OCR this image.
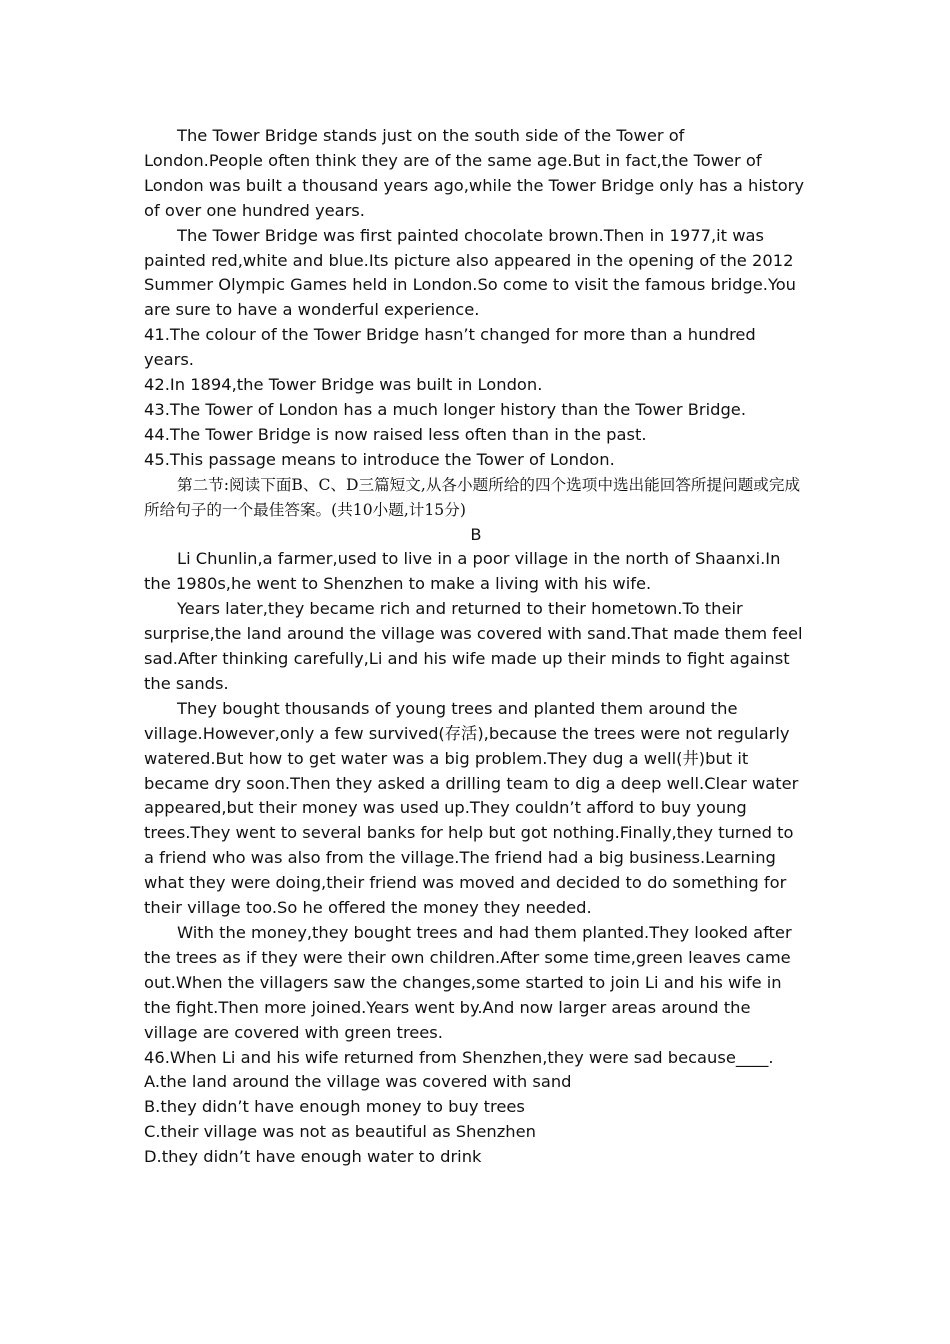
The Tower Bridge stands just on the south side of the Tower of London.People often think they are of the same age.But in fact,the Tower of London was built a thousand years ago,while the Tower Bridge only has a history of over one hundred years.

The Tower Bridge was first painted chocolate brown.Then in 1977,it was painted red,white and blue.Its picture also appeared in the opening of the 2012 Summer Olympic Games held in London.So come to visit the famous bridge.You are sure to have a wonderful experience.

41.The colour of the Tower Bridge hasn’t changed for more than a hundred years.

42.In 1894,the Tower Bridge was built in London.

43.The Tower of London has a much longer history than the Tower Bridge.

44.The Tower Bridge is now raised less often than in the past.

45.This passage means to introduce the Tower of London.

第二节:阅读下面B、C、D三篇短文,从各小题所给的四个选项中选出能回答所提问题或完成所给句子的一个最佳答案。(共10小题,计15分)

B

Li Chunlin,a farmer,used to live in a poor village in the north of Shaanxi.In the 1980s,he went to Shenzhen to make a living with his wife.

Years later,they became rich and returned to their hometown.To their surprise,the land around the village was covered with sand.That made them feel sad.After thinking carefully,Li and his wife made up their minds to fight against the sands.

They bought thousands of young trees and planted them around the village.However,only a few survived(存活),because the trees were not regularly watered.But how to get water was a big problem.They dug a well(井)but it became dry soon.Then they asked a drilling team to dig a deep well.Clear water appeared,but their money was used up.They couldn’t afford to buy young trees.They went to several banks for help but got nothing.Finally,they turned to a friend who was also from the village.The friend had a big business.Learning what they were doing,their friend was moved and decided to do something for their village too.So he offered the money they needed.

With the money,they bought trees and had them planted.They looked after the trees as if they were their own children.After some time,green leaves came out.When the villagers saw the changes,some started to join Li and his wife in the fight.Then more joined.Years went by.And now larger areas around the village are covered with green trees.

46.When Li and his wife returned from Shenzhen,they were sad because____.

A.the land around the village was covered with sand

B.they didn’t have enough money to buy trees

C.their village was not as beautiful as Shenzhen

D.they didn’t have enough water to drink
